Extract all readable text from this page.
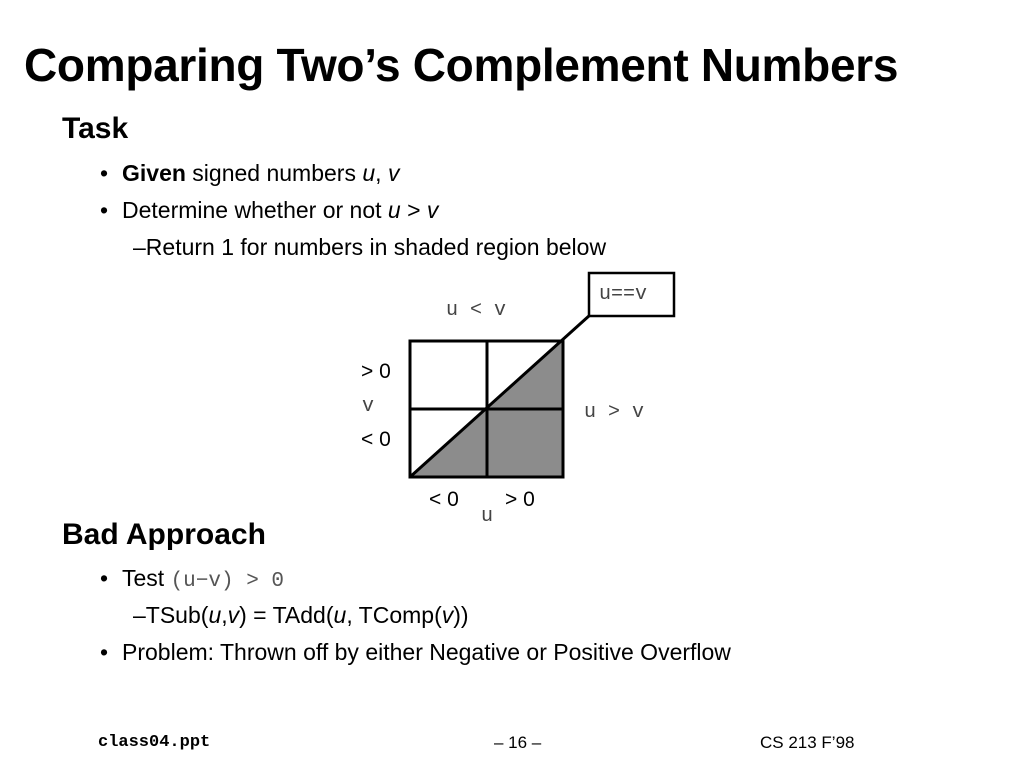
Comparing Two’s Complement Numbers
Task
• Given signed numbers u, v
• Determine whether or not u > v
–Return 1 for numbers in shaded region below
u==v
u < v
u > v
> 0
v
< 0
< 0
u
> 0
Bad Approach
• Test (u−v) > 0
–TSub(u,v) = TAdd(u, TComp(v))
• Problem: Thrown off by either Negative or Positive Overflow
class04.ppt	– 16 –	CS 213 F’98
